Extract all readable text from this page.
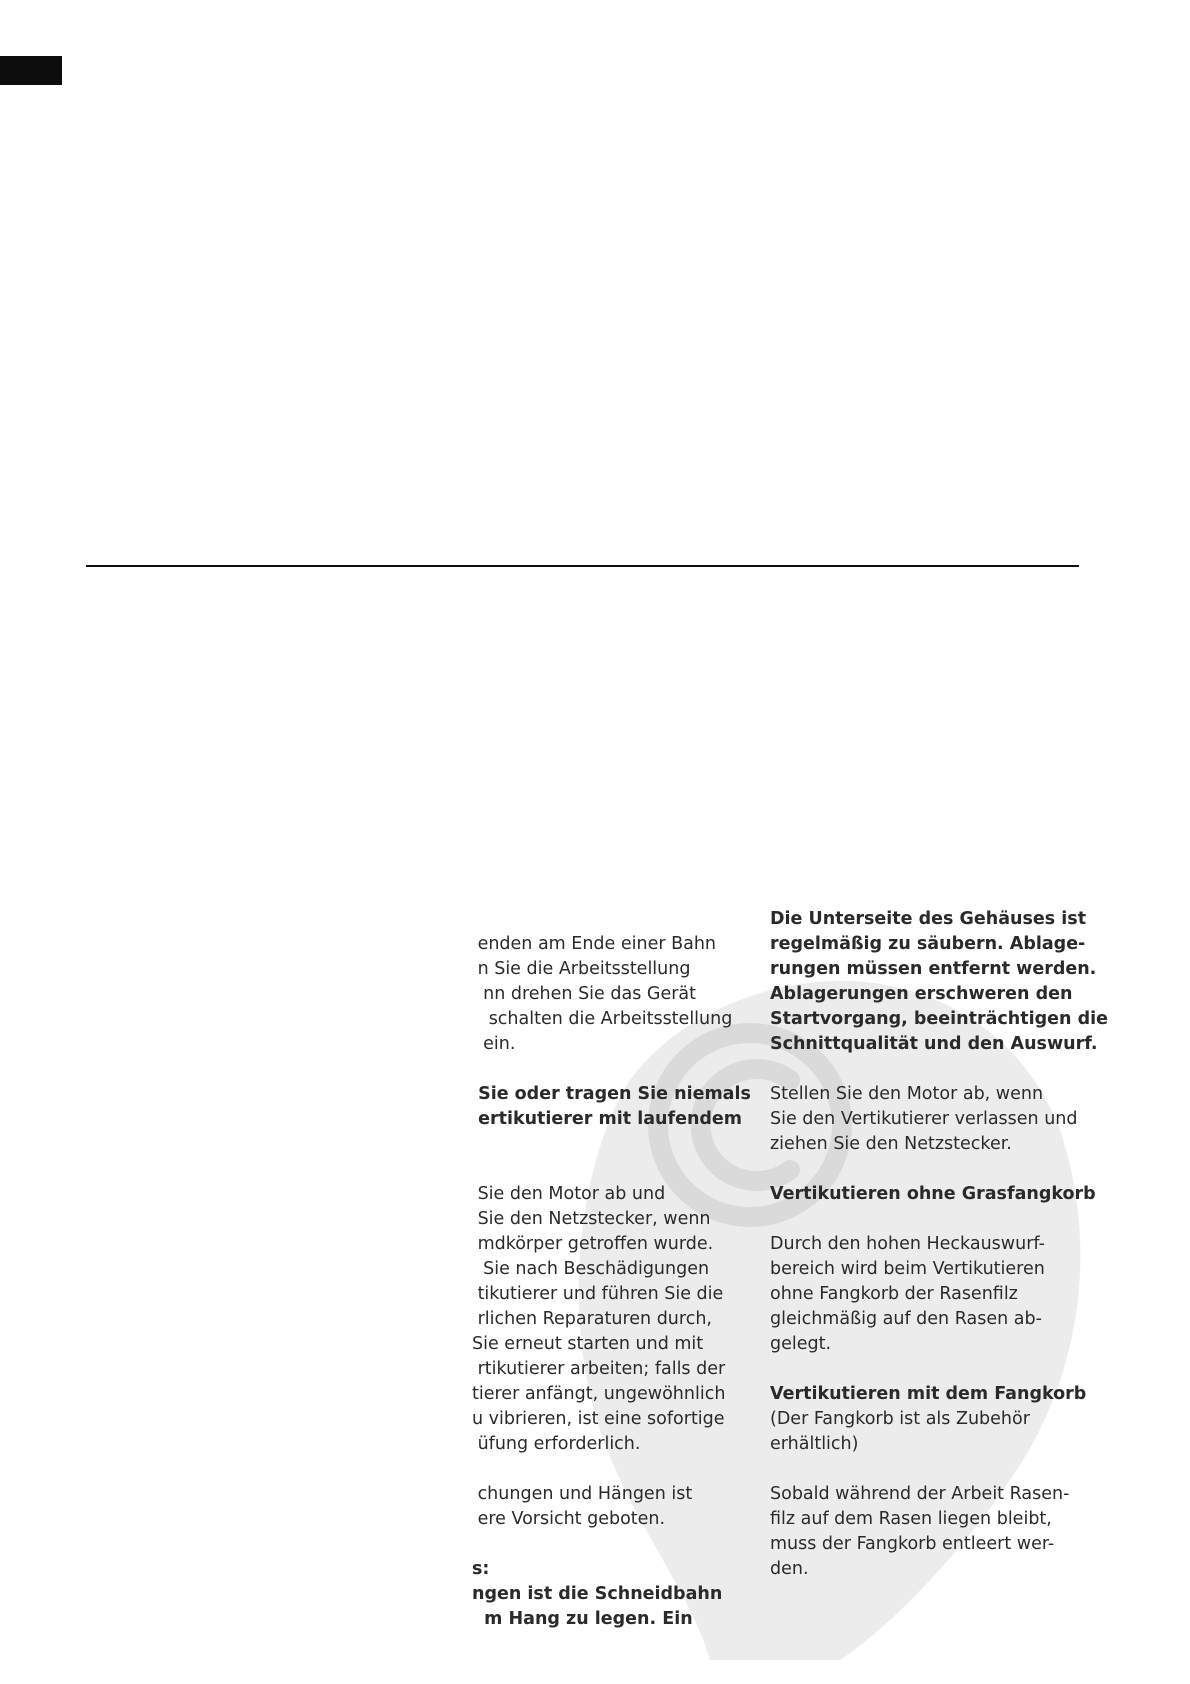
enden am Ende einer Bahn

n Sie die Arbeitsstellung

nn drehen Sie das Gerät

schalten die Arbeitsstellung

ein.

Sie oder tragen Sie niemals

ertikutierer mit laufendem

Sie den Motor ab und

Sie den Netzstecker, wenn

mdkörper getroffen wurde.

Sie nach Beschädigungen

tikutierer und führen Sie die

rlichen Reparaturen durch,

Sie erneut starten und mit

rtikutierer arbeiten; falls der

tierer anfängt, ungewöhnlich

u vibrieren, ist eine sofortige

üfung erforderlich.

chungen und Hängen ist

ere Vorsicht geboten.

s:

ngen ist die Schneidbahn

m Hang zu legen. Ein

Die Unterseite des Gehäuses ist

regelmäßig zu säubern. Ablage-

rungen müssen entfernt werden.

Ablagerungen erschweren den

Startvorgang, beeinträchtigen die

Schnittqualität und den Auswurf.

Stellen Sie den Motor ab, wenn

Sie den Vertikutierer verlassen und

ziehen Sie den Netzstecker.

Vertikutieren ohne Grasfangkorb

Durch den hohen Heckauswurf-

bereich wird beim Vertikutieren

ohne Fangkorb der Rasenfilz

gleichmäßig auf den Rasen ab-

gelegt.

Vertikutieren mit dem Fangkorb

(Der Fangkorb ist als Zubehör

erhältlich)

Sobald während der Arbeit Rasen-

filz auf dem Rasen liegen bleibt,

muss der Fangkorb entleert wer-

den.
